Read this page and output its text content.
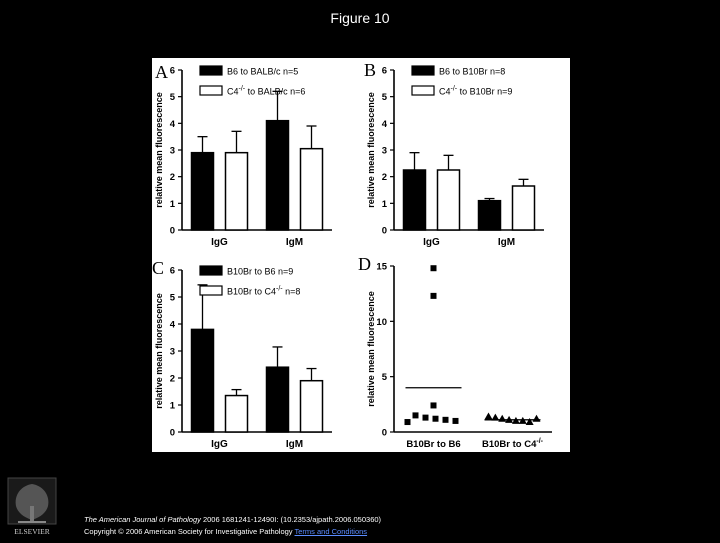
Figure 10
A
relative mean fluorescence
0
1
2
3
4
5
6
IgG	IgM
B6 to BALB/c n=5
C4-/- to BALB/c n=6
B
relative mean fluorescence
0
1
2
3
4
5
6
IgG	IgM
B6 to B10Br n=8
C4-/- to B10Br n=9
C
relative mean fluorescence
0
1
2
3
4
5
6
IgG	IgM
B10Br to B6 n=9
B10Br to C4-/- n=8
D
relative mean fluorescence
0
5
10
15
B10Br to B6 B10Br to C4-/-
ELSEVIER
The American Journal of Pathology 2006 1681241-12490I: (10.2353/ajpath.2006.050360)
Copyright © 2006 American Society for Investigative Pathology Terms and Conditions
